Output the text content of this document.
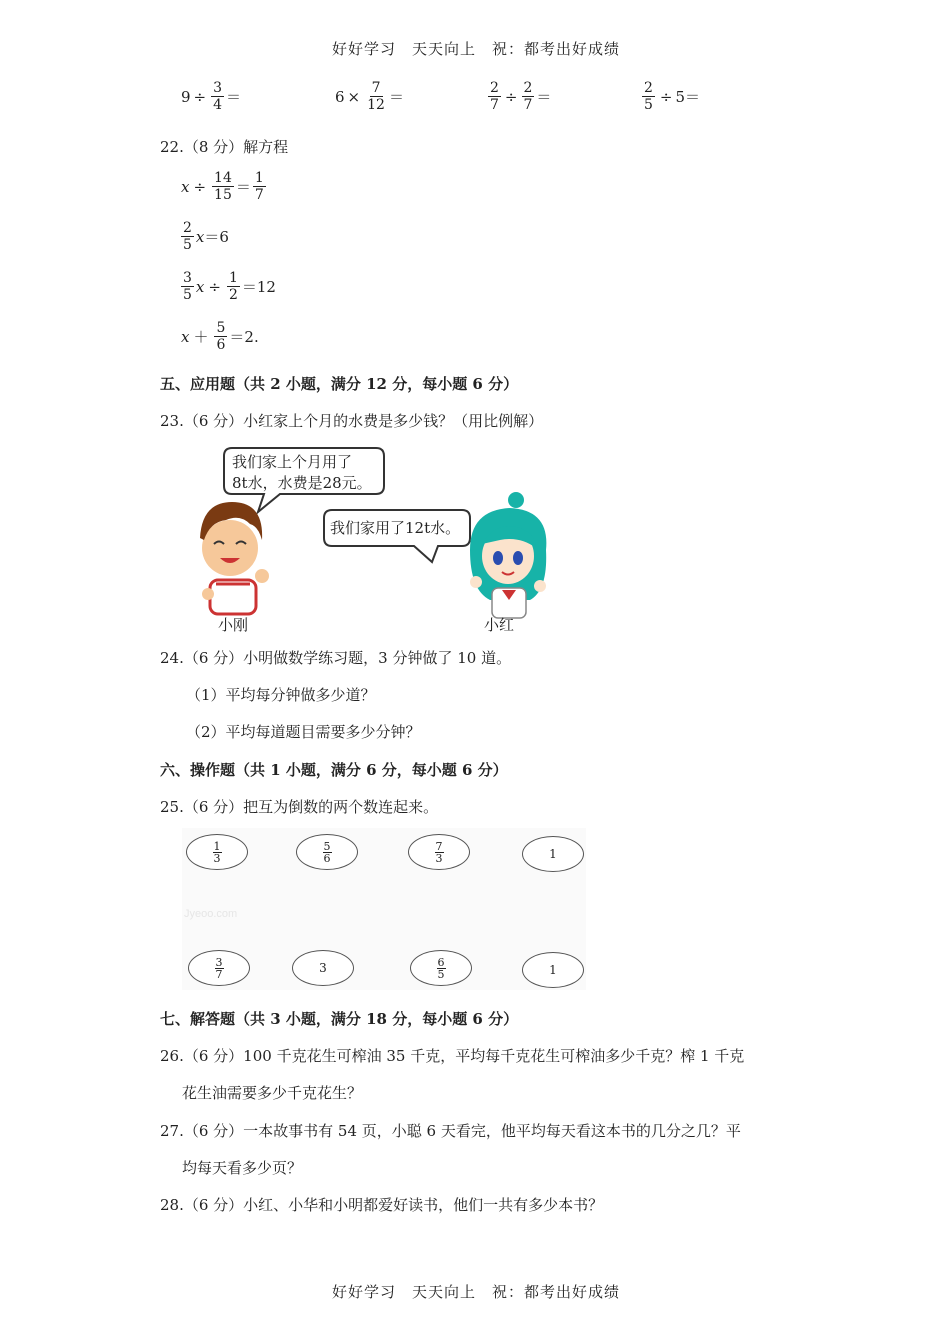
好好学习　天天向上　祝：都考出好成绩
$9 \div \frac{3}{4}$ ＝	$6 \times \frac{7}{12}$ ＝	$\frac{2}{7} \div \frac{2}{7}$ ＝	$\frac{2}{5} \div 5$ ＝
22.（8 分）解方程
$x \div \frac{14}{15} = \frac{1}{7}$
$\frac{2}{5}$ x ＝6
$\frac{3}{5}$ $x \div \frac{1}{2} =12$
$x + \frac{5}{6} =2$.
五、应用题（共 2 小题，满分 12 分，每小题 6 分）
23.（6 分）小红家上个月的水费是多少钱？（用比例解）
我们家上个月用了
8t水，水费是28元。
我们家用了12t水。
小刚	小红
24.（6 分）小明做数学练习题，3 分钟做了 10 道。
（1）平均每分钟做多少道？
（2）平均每道题目需要多少分钟？
六、操作题（共 1 小题，满分 6 分，每小题 6 分）
25.（6 分）把互为倒数的两个数连起来。
Jyeoo.com
$\frac{1}{3}$	$\frac{5}{6}$	$\frac{7}{3}$	1
$\frac{3}{7}$	3	$\frac{6}{5}$	1
七、解答题（共 3 小题，满分 18 分，每小题 6 分）
26.（6 分）100 千克花生可榨油 35 千克，平均每千克花生可榨油多少千克？榨 1 千克
花生油需要多少千克花生？
27.（6 分）一本故事书有 54 页，小聪 6 天看完，他平均每天看这本书的几分之几？平
均每天看多少页？
28.（6 分）小红、小华和小明都爱好读书，他们一共有多少本书？
好好学习　天天向上　祝：都考出好成绩
